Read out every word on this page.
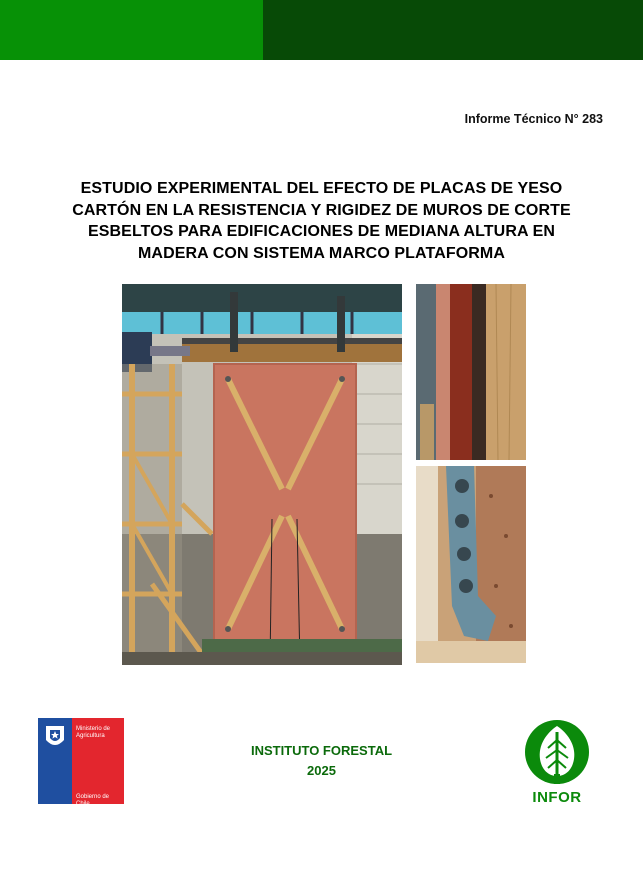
Informe Técnico N° 283
ESTUDIO EXPERIMENTAL DEL EFECTO DE PLACAS DE YESO
CARTÓN EN LA RESISTENCIA Y RIGIDEZ DE MUROS DE CORTE
ESBELTOS PARA EDIFICACIONES DE MEDIANA ALTURA EN
MADERA CON SISTEMA MARCO PLATAFORMA
INSTITUTO FORESTAL
2025
Ministerio de
Agricultura
Gobierno de Chile	INFOR
